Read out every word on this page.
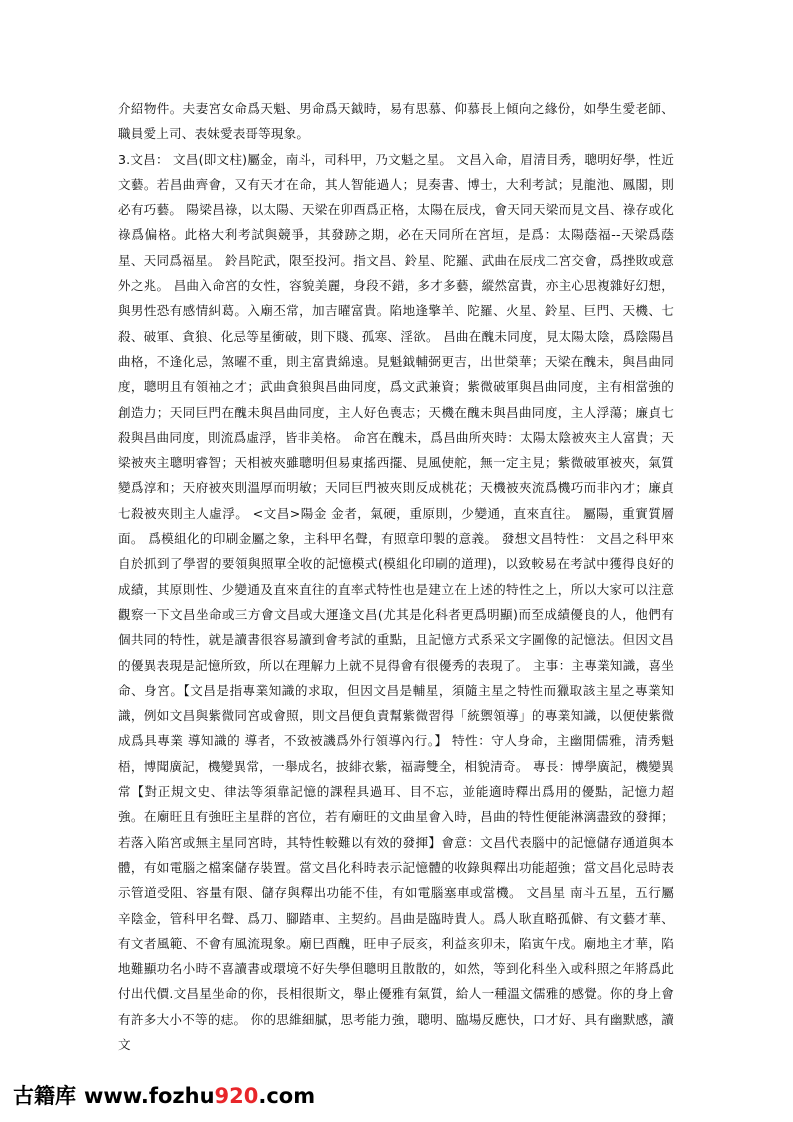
介紹物件。夫妻宮女命爲天魁、男命爲天鉞時，易有思慕、仰慕長上傾向之緣份，如學生愛老師、職員愛上司、表妹愛表哥等現象。

3.文昌： 文昌(即文柱)屬金，南斗，司科甲，乃文魁之星。 文昌入命，眉清目秀，聰明好學，性近文藝。若昌曲齊會，又有天才在命，其人智能過人；見奏書、博士，大利考試；見龍池、鳳閣，則必有巧藝。 陽梁昌祿，以太陽、天梁在卯酉爲正格，太陽在辰戌，會天同天梁而見文昌、祿存或化祿爲偏格。此格大利考試與競爭，其發跡之期，必在天同所在宮垣，是爲：太陽蔭福--天梁爲蔭星、天同爲福星。 鈴昌陀武，限至投河。指文昌、鈴星、陀羅、武曲在辰戌二宮交會，爲挫敗或意外之兆。 昌曲入命宮的女性，容貌美麗，身段不錯，多才多藝，縱然富貴，亦主心思複雜好幻想，與男性恐有感情糾葛。入廟丕常，加吉曜富貴。陷地逢擎羊、陀羅、火星、鈴星、巨門、天機、七殺、破軍、貪狼、化忌等星衝破，則下賤、孤寒、淫欲。 昌曲在醜未同度，見太陽太陰，爲陰陽昌曲格，不逢化忌，煞曜不重，則主富貴綿遠。見魁鉞輔弼更吉，出世榮華；天梁在醜未，與昌曲同度，聰明且有領袖之才；武曲貪狼與昌曲同度，爲文武兼資；紫微破軍與昌曲同度，主有相當強的創造力；天同巨門在醜未與昌曲同度，主人好色喪志；天機在醜未與昌曲同度，主人浮蕩；廉貞七殺與昌曲同度，則流爲虛浮，皆非美格。 命宮在醜未，爲昌曲所夾時：太陽太陰被夾主人富貴；天梁被夾主聰明睿智；天相被夾雖聰明但易東搖西擺、見風使舵，無一定主見；紫微破軍被夾，氣質變爲淳和；天府被夾則溫厚而明敏；天同巨門被夾則反成桃花；天機被夾流爲機巧而非內才；廉貞七殺被夾則主人虛浮。 <文昌>陽金 金者，氣硬，重原則，少變通，直來直往。 屬陽，重實質層面。 爲模組化的印刷金屬之象，主科甲名聲，有照章印製的意義。 發想文昌特性： 文昌之科甲來自於抓到了學習的要領與照單全收的記憶模式(模組化印刷的道理)，以致較易在考試中獲得良好的成績，其原則性、少變通及直來直往的直率式特性也是建立在上述的特性之上，所以大家可以注意觀察一下文昌坐命或三方會文昌或大運逢文昌(尤其是化科者更爲明顯)而至成績優良的人，他們有個共同的特性，就是讀書很容易讀到會考試的重點，且記憶方式系采文字圖像的記憶法。但因文昌的優異表現是記憶所致，所以在理解力上就不見得會有很優秀的表現了。 主事：主專業知識，喜坐命、身宮。【文昌是指專業知識的求取，但因文昌是輔星，須隨主星之特性而獵取該主星之專業知識，例如文昌與紫微同宮或會照，則文昌便負責幫紫微習得「統禦領導」的專業知識，以便使紫微成爲具專業 導知識的 導者，不致被譏爲外行領導內行。】 特性：守人身命，主幽閒儒雅，清秀魁梧，博聞廣記，機變異常，一舉成名，披緋衣紫，福壽雙全，相貌清奇。 專長：博學廣記，機變異常【對正規文史、律法等須靠記憶的課程具過耳、目不忘，並能適時釋出爲用的優點，記憶力超強。在廟旺且有強旺主星群的宮位，若有廟旺的文曲星會入時，昌曲的特性便能淋漓盡致的發揮；若落入陷宮或無主星同宮時，其特性較難以有效的發揮】會意：文昌代表腦中的記憶儲存通道與本體，有如電腦之檔案儲存裝置。當文昌化科時表示記憶體的收錄與釋出功能超強；當文昌化忌時表示管道受阻、容量有限、儲存與釋出功能不佳，有如電腦塞車或當機。 文昌星 南斗五星，五行屬辛陰金，管科甲名聲、爲刀、腳踏車、主契約。昌曲是臨時貴人。爲人耿直略孤僻、有文藝才華、有文者風範、不會有風流現象。廟巳酉醜，旺申子辰亥，利益亥卯未，陷寅午戌。廟地主才華，陷地難顯功名小時不喜讀書或環境不好失學但聰明且散散的，如然，等到化科坐入或科照之年將爲此付出代價.文昌星坐命的你，長相很斯文，舉止優雅有氣質，給人一種溫文儒雅的感覺。你的身上會有許多大小不等的痣。 你的思維細膩，思考能力強，聰明、臨場反應快，口才好、具有幽默感，讀文

古籍库 www.fozhu920.com
